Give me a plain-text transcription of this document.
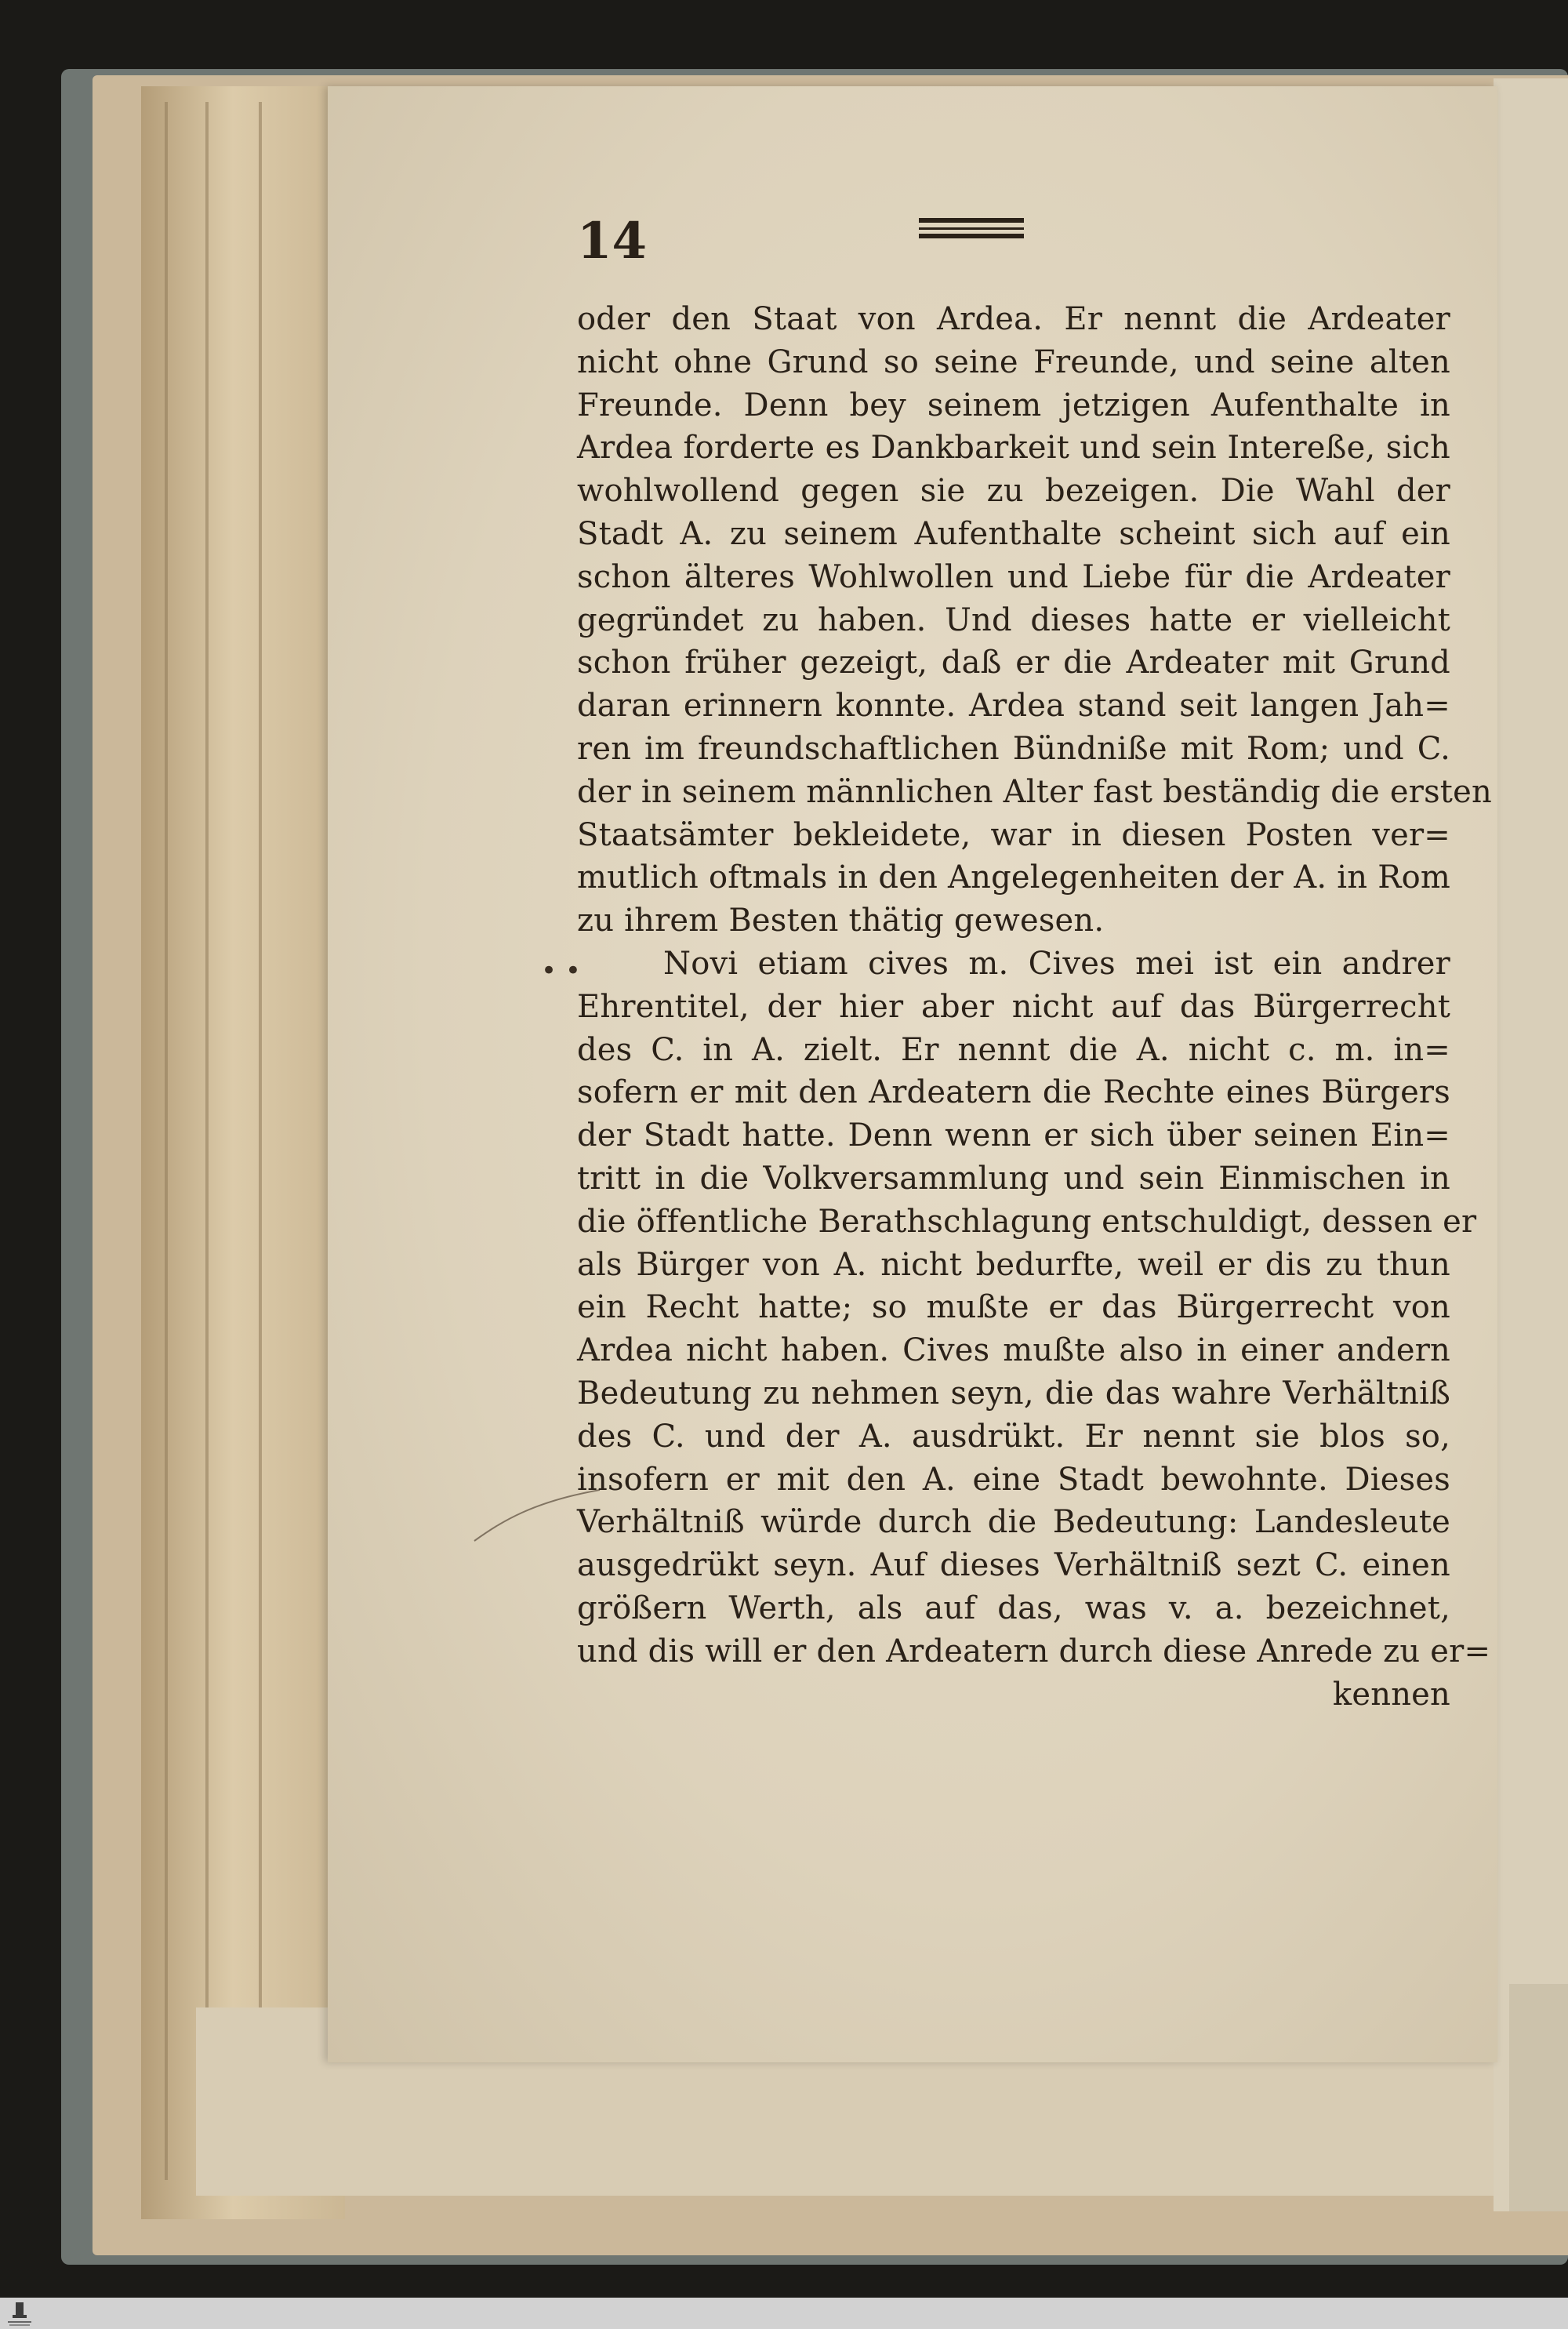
14
• •
oder den Staat von Ardea. Er nennt die Ardeater
nicht ohne Grund so seine Freunde, und seine alten
Freunde. Denn bey seinem jetzigen Aufenthalte in
Ardea forderte es Dankbarkeit und sein Intereße, sich
wohlwollend gegen sie zu bezeigen. Die Wahl der
Stadt A. zu seinem Aufenthalte scheint sich auf ein
schon älteres Wohlwollen und Liebe für die Ardeater
gegründet zu haben. Und dieses hatte er vielleicht
schon früher gezeigt, daß er die Ardeater mit Grund
daran erinnern konnte. Ardea stand seit langen Jah=
ren im freundschaftlichen Bündniße mit Rom; und C.
der in seinem männlichen Alter fast beständig die ersten
Staatsämter bekleidete, war in diesen Posten ver=
mutlich oftmals in den Angelegenheiten der A. in Rom
zu ihrem Besten thätig gewesen.
Novi etiam cives m. Cives mei ist ein andrer
Ehrentitel, der hier aber nicht auf das Bürgerrecht
des C. in A. zielt. Er nennt die A. nicht c. m. in=
sofern er mit den Ardeatern die Rechte eines Bürgers
der Stadt hatte. Denn wenn er sich über seinen Ein=
tritt in die Volkversammlung und sein Einmischen in
die öffentliche Berathschlagung entschuldigt, dessen er
als Bürger von A. nicht bedurfte, weil er dis zu thun
ein Recht hatte; so mußte er das Bürgerrecht von
Ardea nicht haben. Cives mußte also in einer andern
Bedeutung zu nehmen seyn, die das wahre Verhältniß
des C. und der A. ausdrükt. Er nennt sie blos so,
insofern er mit den A. eine Stadt bewohnte. Dieses
Verhältniß würde durch die Bedeutung: Landesleute
ausgedrükt seyn. Auf dieses Verhältniß sezt C. einen
größern Werth, als auf das, was v. a. bezeichnet,
und dis will er den Ardeatern durch diese Anrede zu er=
kennen
